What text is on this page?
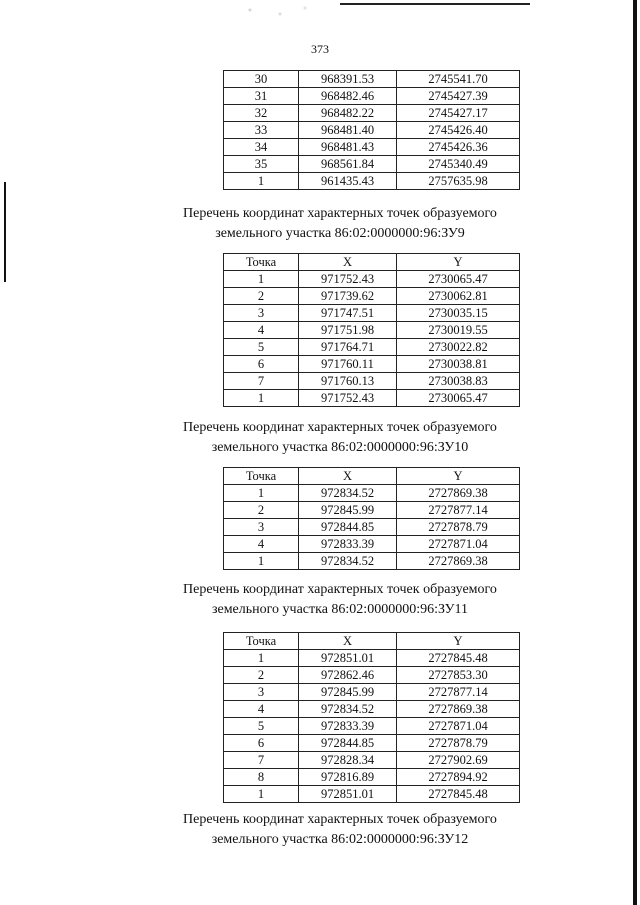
373
30	968391.53	2745541.70
31	968482.46	2745427.39
32	968482.22	2745427.17
33	968481.40	2745426.40
34	968481.43	2745426.36
35	968561.84	2745340.49
1	961435.43	2757635.98
Перечень координат характерных точек образуемого
земельного участка 86:02:0000000:96:ЗУ9
Точка	X	Y
1	971752.43	2730065.47
2	971739.62	2730062.81
3	971747.51	2730035.15
4	971751.98	2730019.55
5	971764.71	2730022.82
6	971760.11	2730038.81
7	971760.13	2730038.83
1	971752.43	2730065.47
Перечень координат характерных точек образуемого
земельного участка 86:02:0000000:96:ЗУ10
Точка	X	Y
1	972834.52	2727869.38
2	972845.99	2727877.14
3	972844.85	2727878.79
4	972833.39	2727871.04
1	972834.52	2727869.38
Перечень координат характерных точек образуемого
земельного участка 86:02:0000000:96:ЗУ11
Точка	X	Y
1	972851.01	2727845.48
2	972862.46	2727853.30
3	972845.99	2727877.14
4	972834.52	2727869.38
5	972833.39	2727871.04
6	972844.85	2727878.79
7	972828.34	2727902.69
8	972816.89	2727894.92
1	972851.01	2727845.48
Перечень координат характерных точек образуемого
земельного участка 86:02:0000000:96:ЗУ12
